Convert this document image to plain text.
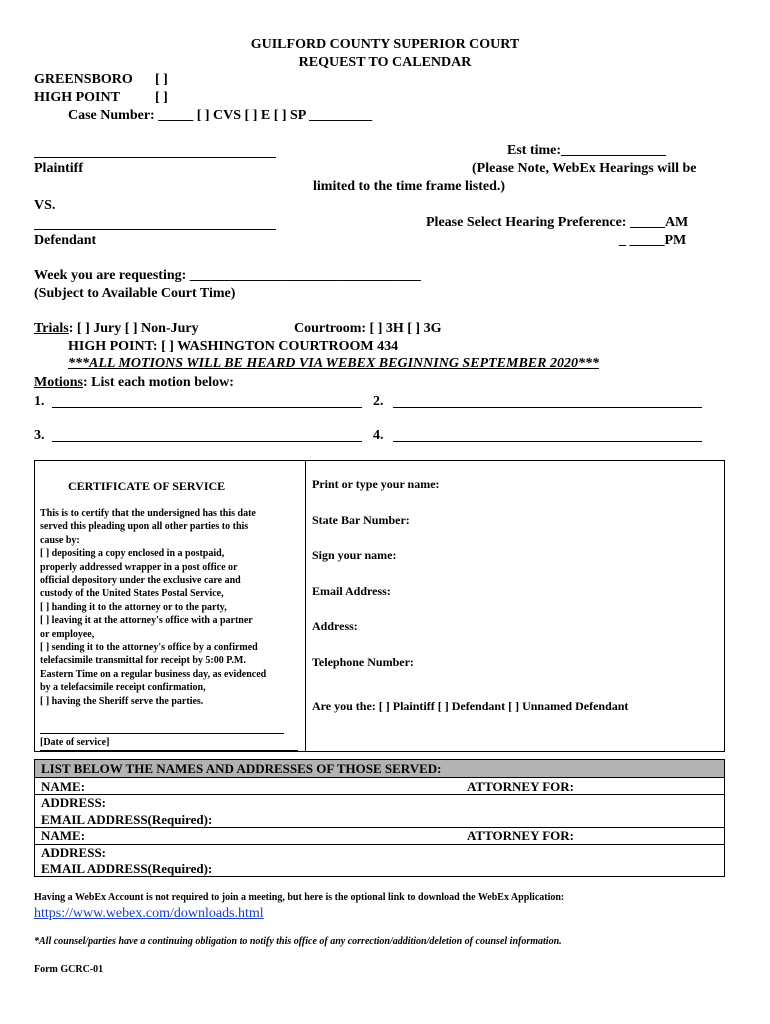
GUILFORD COUNTY SUPERIOR COURT
REQUEST TO CALENDAR
GREENSBORO [ ]
HIGH POINT	[ ]
Case Number: _____ [ ] CVS [ ] E [ ] SP _________
Plaintiff
VS.
Defendant
Est time:_______________
(Please Note, WebEx Hearings will be
limited to the time frame listed.)
Please Select Hearing Preference: _____AM
_ _____PM
Week you are requesting: _________________________________
(Subject to Available Court Time)
Trials: [ ] Jury [ ] Non-Jury	Courtroom: [ ] 3H [ ] 3G
HIGH POINT: [ ] WASHINGTON COURTROOM 434
***ALL MOTIONS WILL BE HEARD VIA WEBEX BEGINNING SEPTEMBER 2020***
Motions: List each motion below:
1.	2.
3.	4.
CERTIFICATE OF SERVICE
This is to certify that the undersigned has this date
served this pleading upon all other parties to this
cause by:
[ ] depositing a copy enclosed in a postpaid,
properly addressed wrapper in a post office or
official depository under the exclusive care and
custody of the United States Postal Service,
[ ] handing it to the attorney or to the party,
[ ] leaving it at the attorney's office with a partner
or employee,
[ ] sending it to the attorney's office by a confirmed
telefacsimile transmittal for receipt by 5:00 P.M.
Eastern Time on a regular business day, as evidenced
by a telefacsimile receipt confirmation,
[ ] having the Sheriff serve the parties.
[Date of service]
Print or type your name:
State Bar Number:
Sign your name:
Email Address:
Address:
Telephone Number:
Are you the: [ ] Plaintiff [ ] Defendant [ ] Unnamed Defendant
LIST BELOW THE NAMES AND ADDRESSES OF THOSE SERVED:
NAME:	ATTORNEY FOR:
ADDRESS:
EMAIL ADDRESS(Required):
NAME:	ATTORNEY FOR:
ADDRESS:
EMAIL ADDRESS(Required):
Having a WebEx Account is not required to join a meeting, but here is the optional link to download the WebEx Application:
https://www.webex.com/downloads.html
*All counsel/parties have a continuing obligation to notify this office of any correction/addition/deletion of counsel information.
Form GCRC-01
